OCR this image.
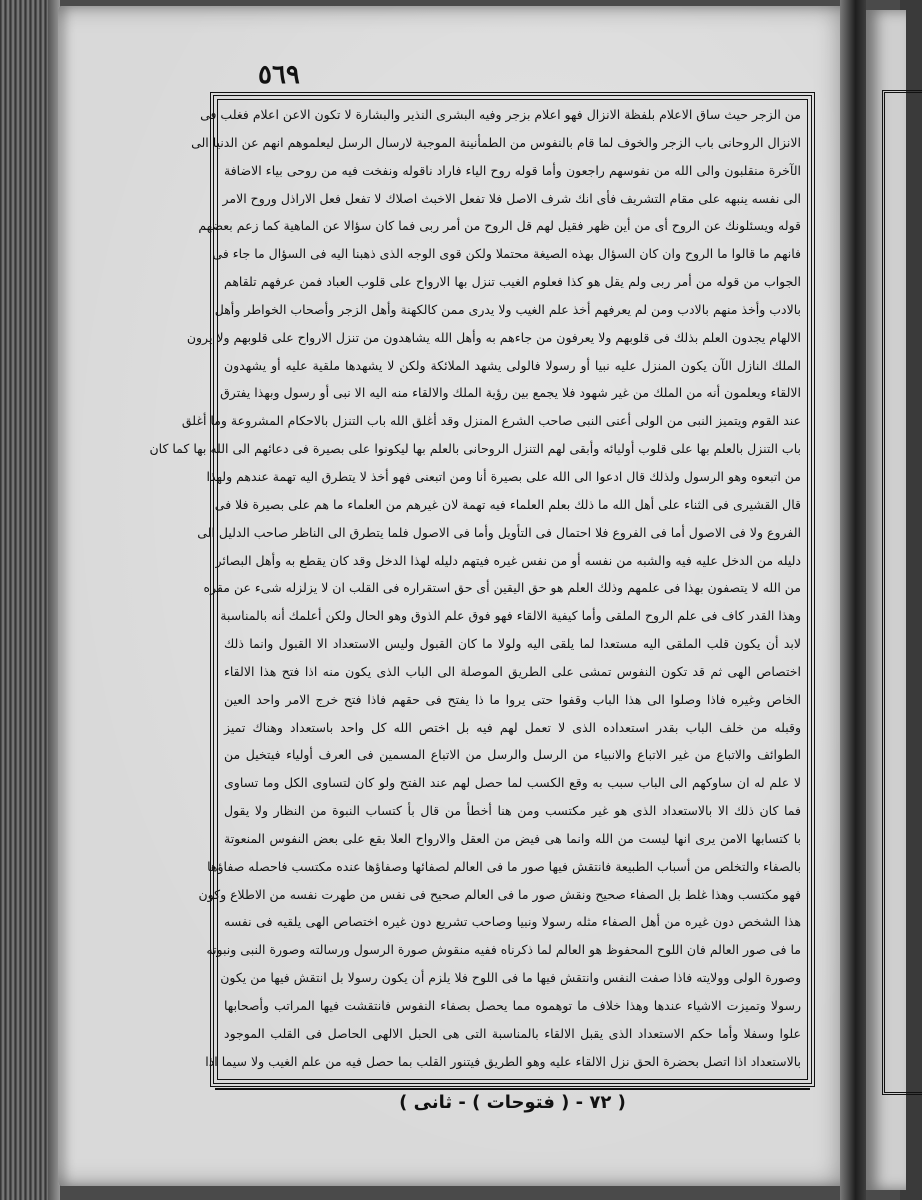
٥٦٩
من الزجر حيث ساق الاعلام بلفظة الانزال فهو اعلام بزجر وفيه البشرى النذير والبشارة لا تكون الاعن اعلام فغلب فى
الانزال الروحانى باب الزجر والخوف لما قام بالنفوس من الطمأنينة الموجبة لارسال الرسل ليعلموهم انهم عن الدنيا الى
الآخرة منقلبون والى الله من نفوسهم راجعون وأما قوله روح الياء فاراد ناقوله ونفخت فيه من روحى بياء الاضافة
الى نفسه ينبهه على مقام التشريف فأى انك شرف الاصل فلا تفعل الاخبث اصلاك لا تفعل فعل الاراذل وروح الامر
قوله ويسئلونك عن الروح أى من أين ظهر فقيل لهم قل الروح من أمر ربى فما كان سؤالا عن الماهية كما زعم بعضهم
فانهم ما قالوا ما الروح وان كان السؤال بهذه الصيغة محتملا ولكن قوى الوجه الذى ذهبنا اليه فى السؤال ما جاء فى
الجواب من قوله من أمر ربى ولم يقل هو كذا فعلوم الغيب تنزل بها الارواح على قلوب العباد فمن عرفهم تلقاهم
بالادب وأخذ منهم بالادب ومن لم يعرفهم أخذ علم الغيب ولا يدرى ممن كالكهنة وأهل الزجر وأصحاب الخواطر وأهل
الالهام يجدون العلم بذلك فى قلوبهم ولا يعرفون من جاءهم به وأهل الله يشاهدون من تنزل الارواح على قلوبهم ولا يرون
الملك النازل الآن يكون المنزل عليه نبيا أو رسولا فالولى يشهد الملائكة ولكن لا يشهدها ملقية عليه أو يشهدون
الالقاء ويعلمون أنه من الملك من غير شهود فلا يجمع بين رؤية الملك والالقاء منه اليه الا نبى أو رسول وبهذا يفترق
عند القوم ويتميز النبى من الولى أعنى النبى صاحب الشرع المنزل وقد أغلق الله باب التنزل بالاحكام المشروعة وما أغلق
باب التنزل بالعلم بها على قلوب أوليائه وأبقى لهم التنزل الروحانى بالعلم بها ليكونوا على بصيرة فى دعائهم الى الله بها كما كان
من اتبعوه وهو الرسول ولذلك قال ادعوا الى الله على بصيرة أنا ومن اتبعنى فهو أخذ لا يتطرق اليه تهمة عندهم ولهذا
قال القشيرى فى الثناء على أهل الله ما ذلك بعلم العلماء فيه تهمة لان غيرهم من العلماء ما هم على بصيرة فلا فى
الفروع ولا فى الاصول أما فى الفروع فلا احتمال فى التأويل وأما فى الاصول فلما يتطرق الى الناظر صاحب الدليل الى
دليله من الدخل عليه فيه والشبه من نفسه أو من نفس غيره فيتهم دليله لهذا الدخل وقد كان يقطع به وأهل البصائر
من الله لا يتصفون بهذا فى علمهم وذلك العلم هو حق اليقين أى حق استقراره فى القلب ان لا يزلزله شىء عن مقره
وهذا القدر كاف فى علم الروح الملقى وأما كيفية الالقاء فهو فوق علم الذوق وهو الحال ولكن أعلمك أنه بالمناسبة
لابد أن يكون قلب الملقى اليه مستعدا لما يلقى اليه ولولا ما كان القبول وليس الاستعداد الا القبول وانما ذلك
اختصاص الهى ثم قد تكون النفوس تمشى على الطريق الموصلة الى الباب الذى يكون منه اذا فتح هذا الالقاء
الخاص وغيره فاذا وصلوا الى هذا الباب وقفوا حتى يروا ما ذا يفتح فى حقهم فاذا فتح خرج الامر واحد العين
وقبله من خلف الباب بقدر استعداده الذى لا تعمل لهم فيه بل اختص الله كل واحد باستعداد وهناك تميز
الطوائف والاتباع من غير الاتباع والانبياء من الرسل والرسل من الاتباع المسمين فى العرف أولياء فيتخيل من
لا علم له ان ساوكهم الى الباب سبب به وقع الكسب لما حصل لهم عند الفتح ولو كان لتساوى الكل وما تساوى
فما كان ذلك الا بالاستعداد الذى هو غير مكتسب ومن هنا أخطأ من قال بأ كتساب النبوة من النظار ولا يقول
با كتسابها الامن يرى انها ليست من الله وانما هى فيض من العقل والارواح العلا بقع على بعض النفوس المنعوتة
بالصفاء والتخلص من أسباب الطبيعة فانتقش فيها صور ما فى العالم لصفائها وصفاؤها عنده مكتسب فاحصله صفاؤها
فهو مكتسب وهذا غلط بل الصفاء صحيح ونقش صور ما فى العالم صحيح فى نفس من طهرت نفسه من الاطلاع وكون
هذا الشخص دون غيره من أهل الصفاء مثله رسولا ونبيا وصاحب تشريع دون غيره اختصاص الهى يلقيه فى نفسه
ما فى صور العالم فان اللوح المحفوظ هو العالم لما ذكرناه ففيه منقوش صورة الرسول ورسالته وصورة النبى ونبوته
وصورة الولى وولايته فاذا صفت النفس وانتقش فيها ما فى اللوح فلا يلزم أن يكون رسولا بل انتقش فيها من يكون
رسولا وتميزت الاشياء عندها وهذا خلاف ما توهموه مما يحصل بصفاء النفوس فانتقشت فيها المراتب وأصحابها
علوا وسفلا وأما حكم الاستعداد الذى يقبل الالقاء بالمناسبة التى هى الحبل الالهى الحاصل فى القلب الموجود
بالاستعداد اذا اتصل بحضرة الحق نزل الالقاء عليه وهو الطريق فيتنور القلب بما حصل فيه من علم الغيب ولا سيما اذا
( ٧٢ - ( فتوحات ) - ثانى )
